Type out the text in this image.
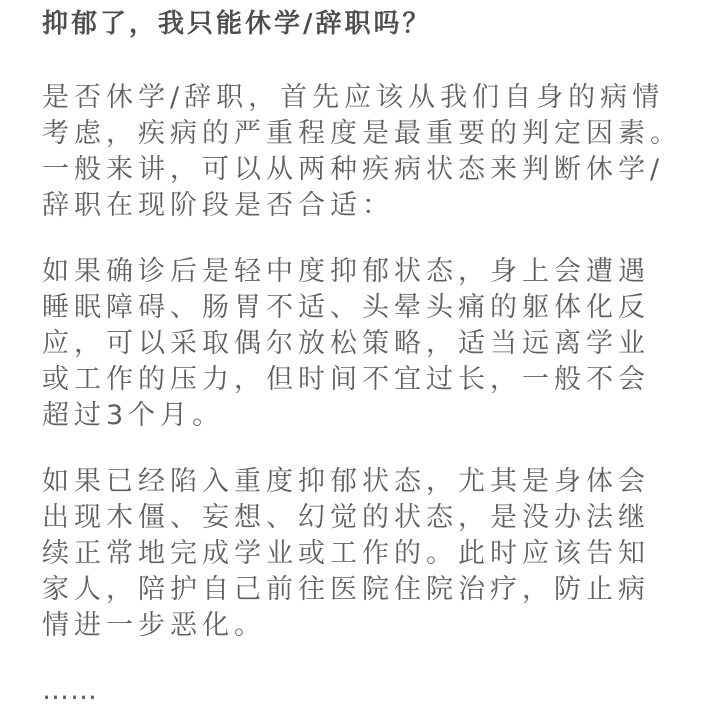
抑郁了，我只能休学/辞职吗？

是否休学/辞职，首先应该从我们自身的病情
考虑，疾病的严重程度是最重要的判定因素。
一般来讲，可以从两种疾病状态来判断休学/
辞职在现阶段是否合适：

如果确诊后是轻中度抑郁状态，身上会遭遇
睡眠障碍、肠胃不适、头晕头痛的躯体化反
应，可以采取偶尔放松策略，适当远离学业
或工作的压力，但时间不宜过长，一般不会
超过3个月。

如果已经陷入重度抑郁状态，尤其是身体会
出现木僵、妄想、幻觉的状态，是没办法继
续正常地完成学业或工作的。此时应该告知
家人，陪护自己前往医院住院治疗，防止病
情进一步恶化。

……
